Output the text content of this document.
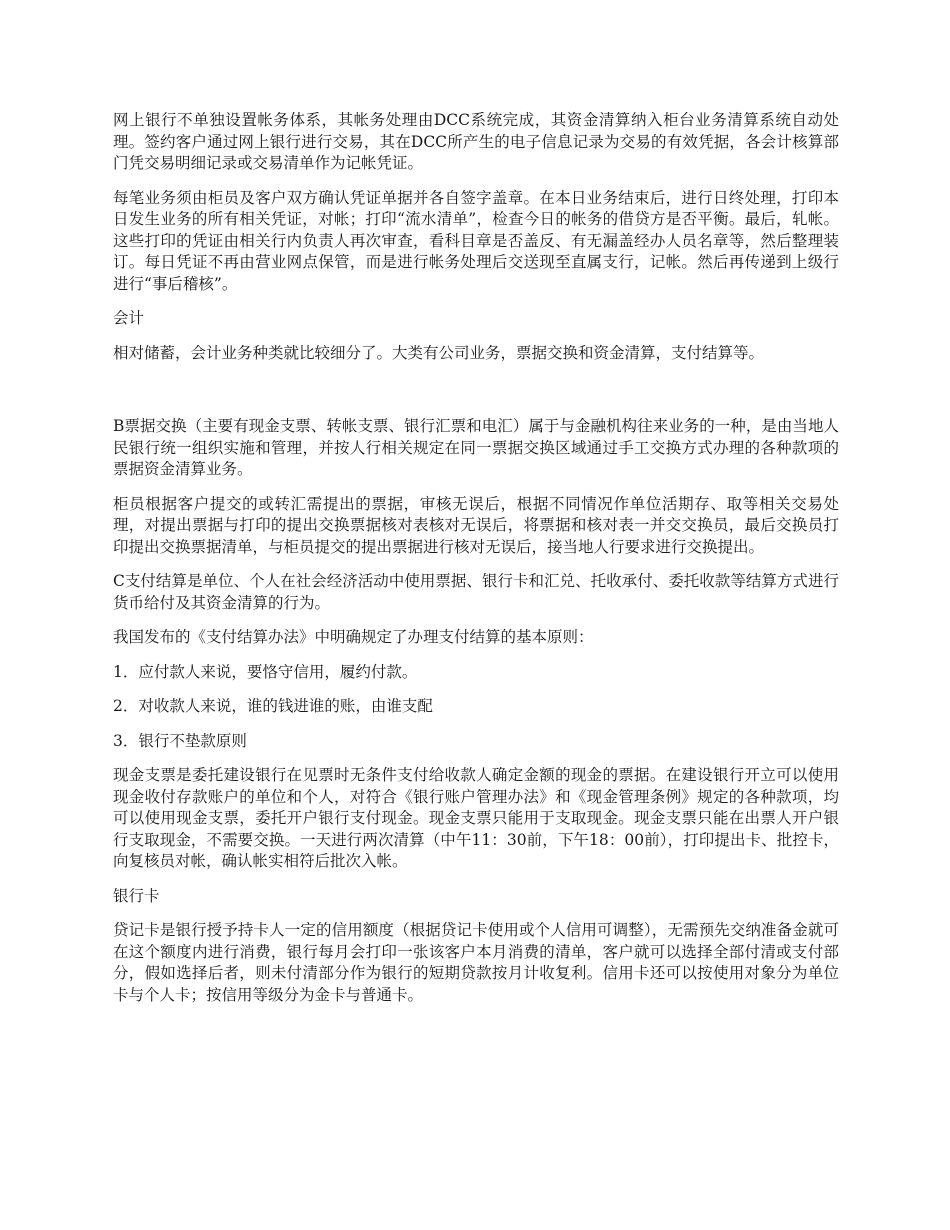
网上银行不单独设置帐务体系，其帐务处理由DCC系统完成，其资金清算纳入柜台业务清算系统自动处理。签约客户通过网上银行进行交易，其在DCC所产生的电子信息记录为交易的有效凭据，各会计核算部门凭交易明细记录或交易清单作为记帐凭证。

每笔业务须由柜员及客户双方确认凭证单据并各自签字盖章。在本日业务结束后，进行日终处理，打印本日发生业务的所有相关凭证，对帐；打印“流水清单”，检查今日的帐务的借贷方是否平衡。最后，轧帐。这些打印的凭证由相关行内负责人再次审查，看科目章是否盖反、有无漏盖经办人员名章等，然后整理装订。每日凭证不再由营业网点保管，而是进行帐务处理后交送现至直属支行，记帐。然后再传递到上级行进行“事后稽核”。

会计

相对储蓄，会计业务种类就比较细分了。大类有公司业务，票据交换和资金清算，支付结算等。

B票据交换（主要有现金支票、转帐支票、银行汇票和电汇）属于与金融机构往来业务的一种，是由当地人民银行统一组织实施和管理，并按人行相关规定在同一票据交换区域通过手工交换方式办理的各种款项的票据资金清算业务。

柜员根据客户提交的或转汇需提出的票据，审核无误后，根据不同情况作单位活期存、取等相关交易处理，对提出票据与打印的提出交换票据核对表核对无误后，将票据和核对表一并交交换员，最后交换员打印提出交换票据清单，与柜员提交的提出票据进行核对无误后，接当地人行要求进行交换提出。

C支付结算是单位、个人在社会经济活动中使用票据、银行卡和汇兑、托收承付、委托收款等结算方式进行货币给付及其资金清算的行为。

我国发布的《支付结算办法》中明确规定了办理支付结算的基本原则：

1．应付款人来说，要恪守信用，履约付款。

2．对收款人来说，谁的钱进谁的账，由谁支配

3．银行不垫款原则

现金支票是委托建设银行在见票时无条件支付给收款人确定金额的现金的票据。在建设银行开立可以使用现金收付存款账户的单位和个人，对符合《银行账户管理办法》和《现金管理条例》规定的各种款项，均可以使用现金支票，委托开户银行支付现金。现金支票只能用于支取现金。现金支票只能在出票人开户银行支取现金，不需要交换。一天进行两次清算（中午11：30前，下午18：00前），打印提出卡、批控卡，向复核员对帐，确认帐实相符后批次入帐。

银行卡

贷记卡是银行授予持卡人一定的信用额度（根据贷记卡使用或个人信用可调整），无需预先交纳准备金就可在这个额度内进行消费，银行每月会打印一张该客户本月消费的清单，客户就可以选择全部付清或支付部分，假如选择后者，则未付清部分作为银行的短期贷款按月计收复利。信用卡还可以按使用对象分为单位卡与个人卡；按信用等级分为金卡与普通卡。
